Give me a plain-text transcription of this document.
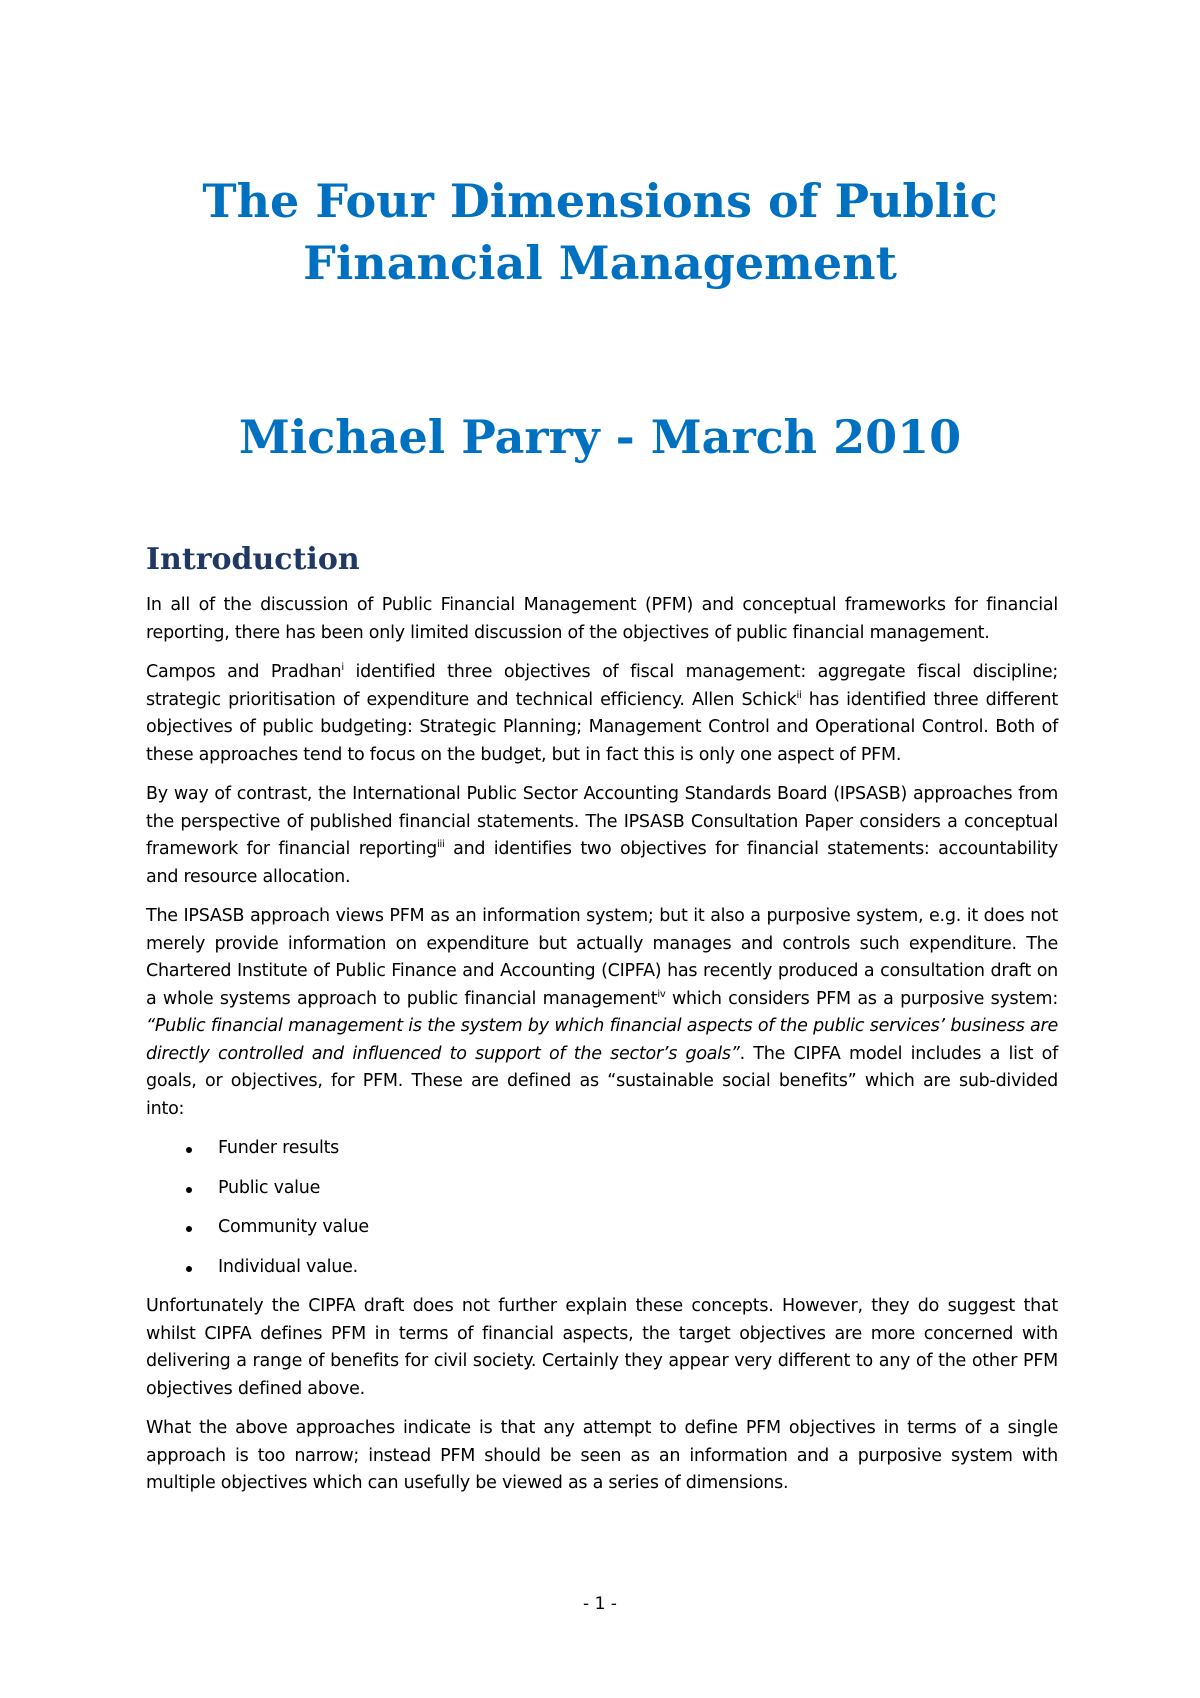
The Four Dimensions of Public Financial Management
Michael Parry - March 2010
Introduction

In all of the discussion of Public Financial Management (PFM) and conceptual frameworks for financial reporting, there has been only limited discussion of the objectives of public financial management.

Campos and Pradhan$^i$ identified three objectives of fiscal management: aggregate fiscal discipline; strategic prioritisation of expenditure and technical efficiency. Allen Schick$^{ii}$ has identified three different objectives of public budgeting: Strategic Planning; Management Control and Operational Control. Both of these approaches tend to focus on the budget, but in fact this is only one aspect of PFM.

By way of contrast, the International Public Sector Accounting Standards Board (IPSASB) approaches from the perspective of published financial statements. The IPSASB Consultation Paper considers a conceptual framework for financial reporting$^{iii}$ and identifies two objectives for financial statements: accountability and resource allocation.

The IPSASB approach views PFM as an information system; but it also a purposive system, e.g. it does not merely provide information on expenditure but actually manages and controls such expenditure. The Chartered Institute of Public Finance and Accounting (CIPFA) has recently produced a consultation draft on a whole systems approach to public financial management$^{iv}$ which considers PFM as a purposive system: “Public financial management is the system by which financial aspects of the public services’ business are directly controlled and influenced to support of the sector’s goals”. The CIPFA model includes a list of goals, or objectives, for PFM. These are defined as “sustainable social benefits” which are sub-divided into:

Funder results
Public value
Community value
Individual value.

Unfortunately the CIPFA draft does not further explain these concepts. However, they do suggest that whilst CIPFA defines PFM in terms of financial aspects, the target objectives are more concerned with delivering a range of benefits for civil society. Certainly they appear very different to any of the other PFM objectives defined above.

What the above approaches indicate is that any attempt to define PFM objectives in terms of a single approach is too narrow; instead PFM should be seen as an information and a purposive system with multiple objectives which can usefully be viewed as a series of dimensions.

- 1 -
